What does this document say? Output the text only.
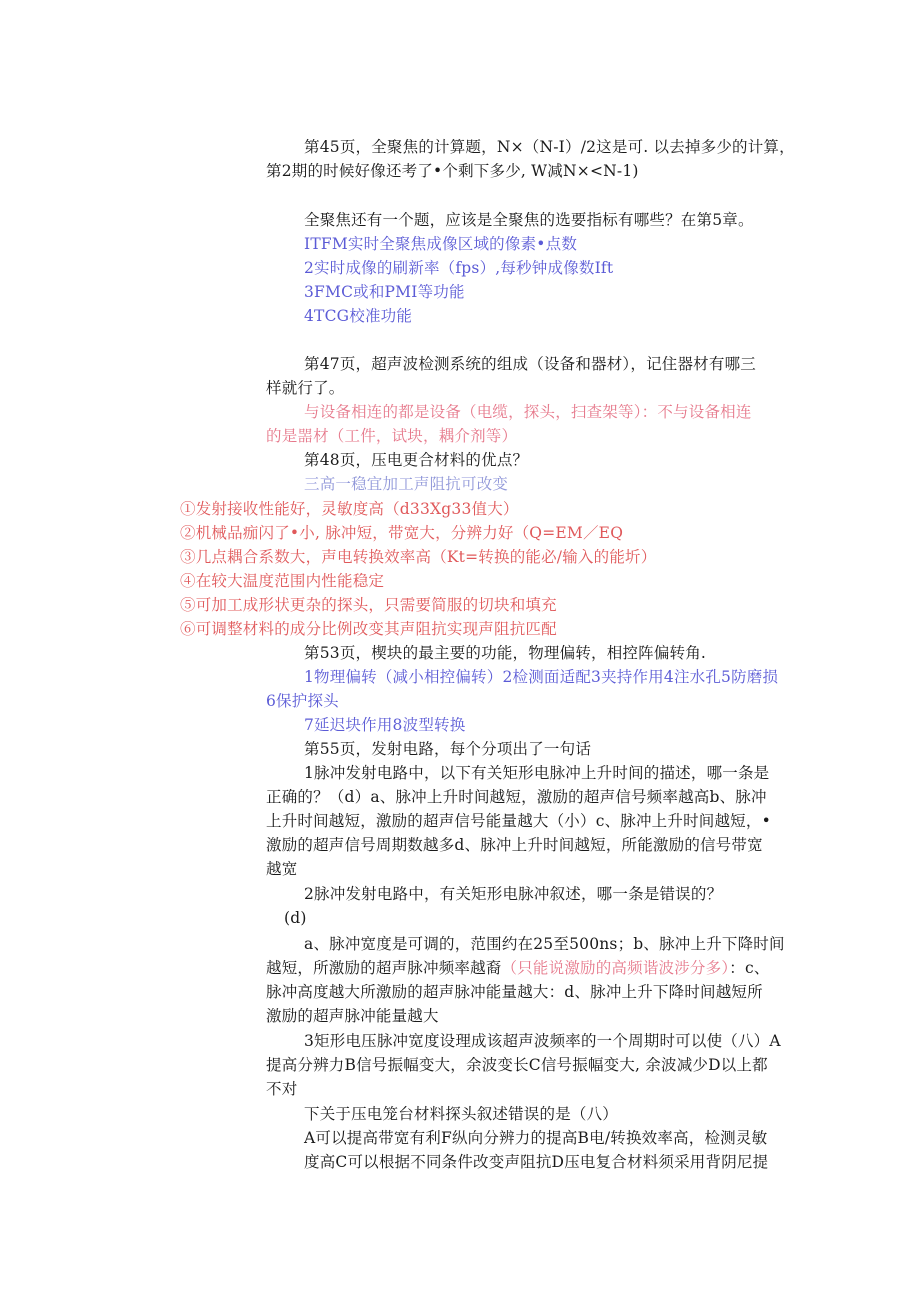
第45页，全聚焦的计算题，N×（N-I）/2这是可. 以去掉多少的计算，
第2期的时候好像还考了•个剩下多少, W减N×<N-1)
全聚焦还有一个题，应该是全聚焦的选要指标有哪些？在第5章。
ITFM实时全聚焦成像区域的像素•点数
2实时成像的刷新率（fps）,每秒钟成像数Ift
3FMC或和PMI等功能
4TCG校准功能
第47页，超声波检测系统的组成（设备和器材），记住器材有哪三
样就行了。
与设备相连的都是设备（电缆，探头，扫查架等）：不与设备相连
的是噐材（工件，试块，耦介剂等）
第48页，压电更合材料的优点？
三高一稳宜加工声阻抗可改变
①发射接收性能好，灵敏度高（d33Xg33值大）
②机械品痂闪了•小, 脉冲短，带宽大，分辨力好（Q=EM／EQ
③几点耦合系数大，声电转换效率高（Kt=转换的能必/输入的能圻）
④在较大温度范围内性能稳定
⑤可加工成形状更杂的探头，只需要简服的切块和填充
⑥可调整材料的成分比例改变其声阻抗实现声阻抗匹配
第53页，楔块的最主要的功能，物理偏转，相控阵偏转角.
1物理偏转（减小相控偏转）2检测面适配3夹持作用4注水孔5防磨损
6保护探头
7延迟块作用8波型转换
第55页，发射电路，每个分项出了一句话
1脉冲发射电路中，以下有关矩形电脉冲上升时间的描述，哪一条是
正确的？（d）a、脉冲上升时间越短，激励的超声信号频率越高b、脉冲
上升时间越短，激励的超声信号能量越大（小）c、脉冲上升时间越短，•
激励的超声信号周期数越多d、脉冲上升时间越短，所能激励的信号带宽
越宽
2脉冲发射电路中，有关矩形电脉冲叙述，哪一条是错误的？
(d)
a、脉冲宽度是可调的，范围约在25至500ns；b、脉冲上升下降时间
越短，所激励的超声脉冲频率越裔（只能说激励的高频谐波涉分多）：c、
脉冲高度越大所激励的超声脉冲能量越大：d、脉冲上升下降时间越短所
激励的超声脉冲能量越大
3矩形电压脉冲宽度设理成该超声波频率的一个周期时可以使（八）A
提高分辨力B信号振幅变大，余波变长C信号振幅变大, 余波减少D以上都
不对
下关于压电笼台材料探头叙述错误的是（八）
A可以提高带宽有利F纵向分辨力的提高B电/转换效率高，检测灵敏
度高C可以根据不同条件改变声阻抗D压电复合材料须采用背阴尼提
